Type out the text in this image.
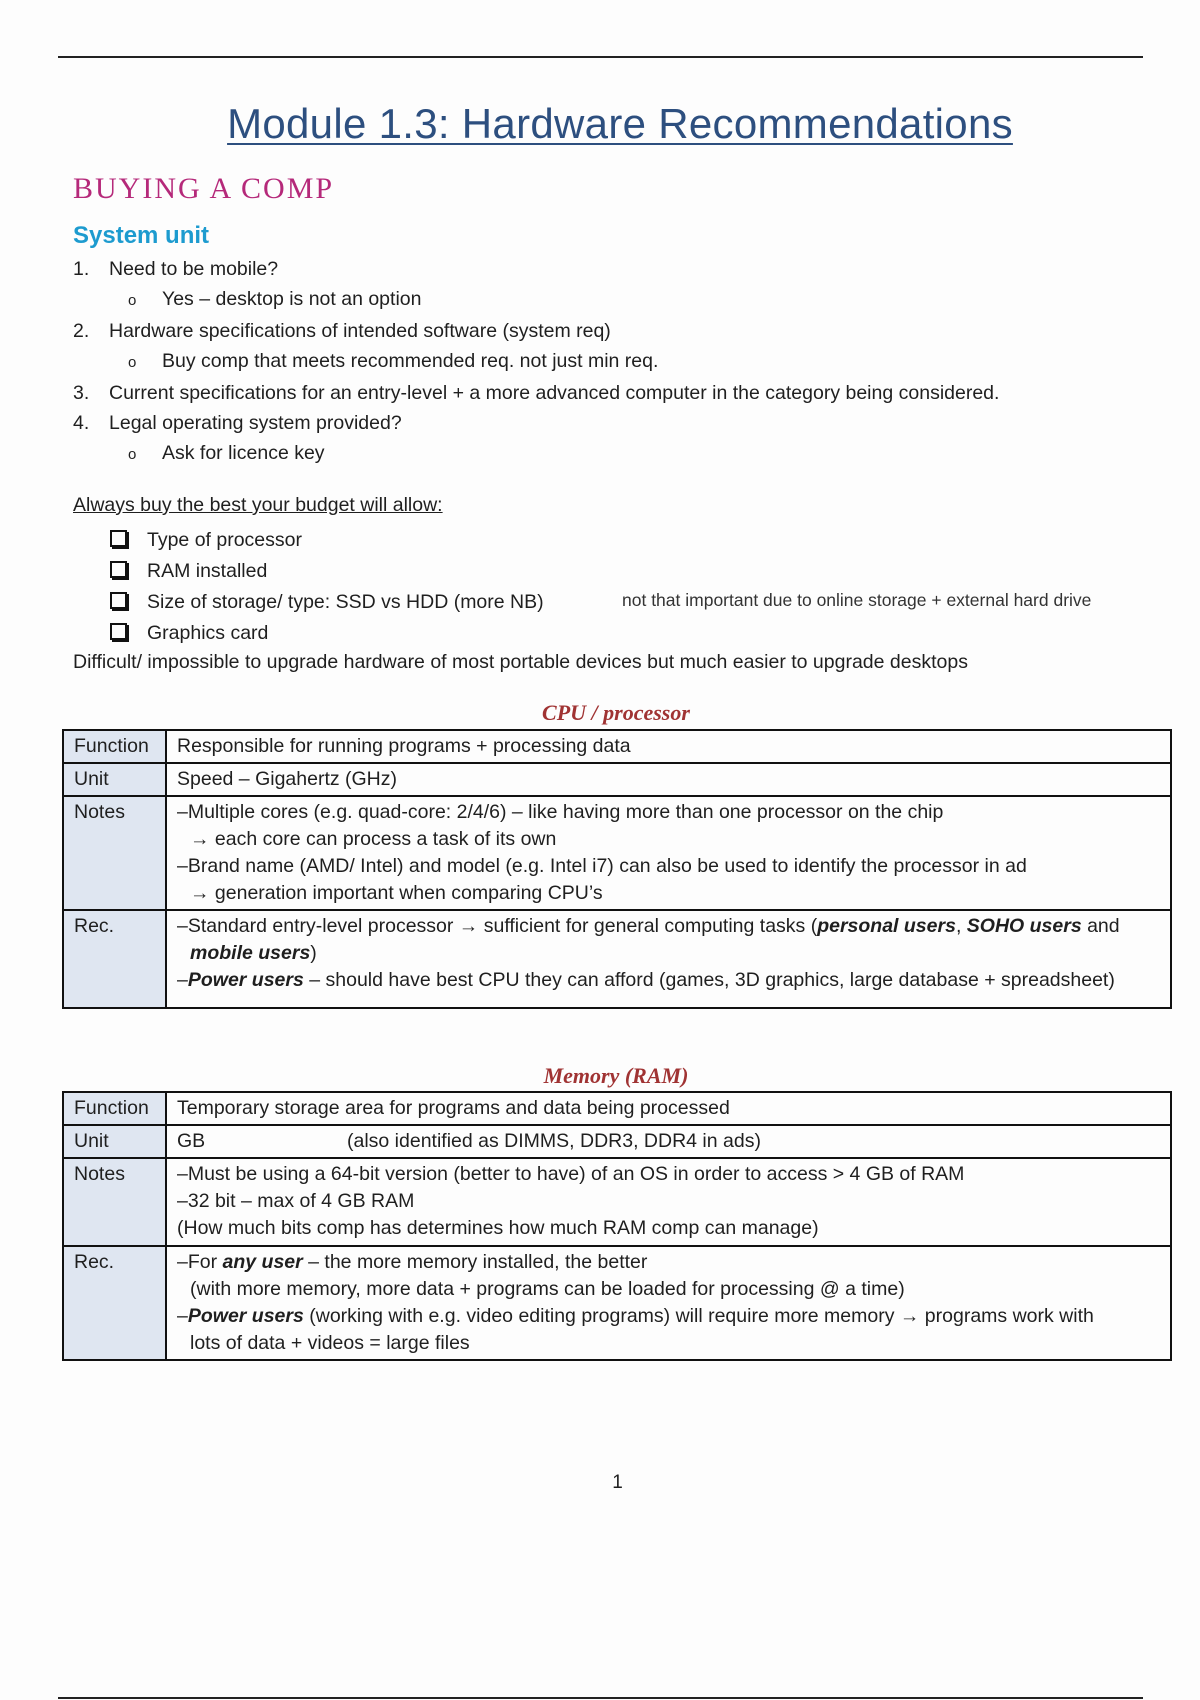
Module 1.3: Hardware Recommendations
BUYING A COMP
System unit
1. Need to be mobile?
o Yes – desktop is not an option
2. Hardware specifications of intended software (system req)
o Buy comp that meets recommended req. not just min req.
3. Current specifications for an entry-level + a more advanced computer in the category being considered.
4. Legal operating system provided?
o Ask for licence key
Always buy the best your budget will allow:
Type of processor
RAM installed
Size of storage/ type: SSD vs HDD (more NB)
Graphics card
not that important due to online storage + external hard drive
Difficult/ impossible to upgrade hardware of most portable devices but much easier to upgrade desktops
CPU / processor
Function	Responsible for running programs + processing data
Unit	Speed – Gigahertz (GHz)
Notes	–Multiple cores (e.g. quad-core: 2/4/6) – like having more than one processor on the chip
→ each core can process a task of its own
–Brand name (AMD/ Intel) and model (e.g. Intel i7) can also be used to identify the processor in ad
→ generation important when comparing CPU’s

Rec.	–Standard entry-level processor → sufficient for general computing tasks (personal users, SOHO users and
mobile users)
–Power users – should have best CPU they can afford (games, 3D graphics, large database + spreadsheet)
Memory (RAM)
Function	Temporary storage area for programs and data being processed
Unit	GB (also identified as DIMMS, DDR3, DDR4 in ads)
Notes	–Must be using a 64-bit version (better to have) of an OS in order to access > 4 GB of RAM
–32 bit – max of 4 GB RAM
(How much bits comp has determines how much RAM comp can manage)

Rec.	–For any user – the more memory installed, the better
(with more memory, more data + programs can be loaded for processing @ a time)
–Power users (working with e.g. video editing programs) will require more memory → programs work with
lots of data + videos = large files
1
